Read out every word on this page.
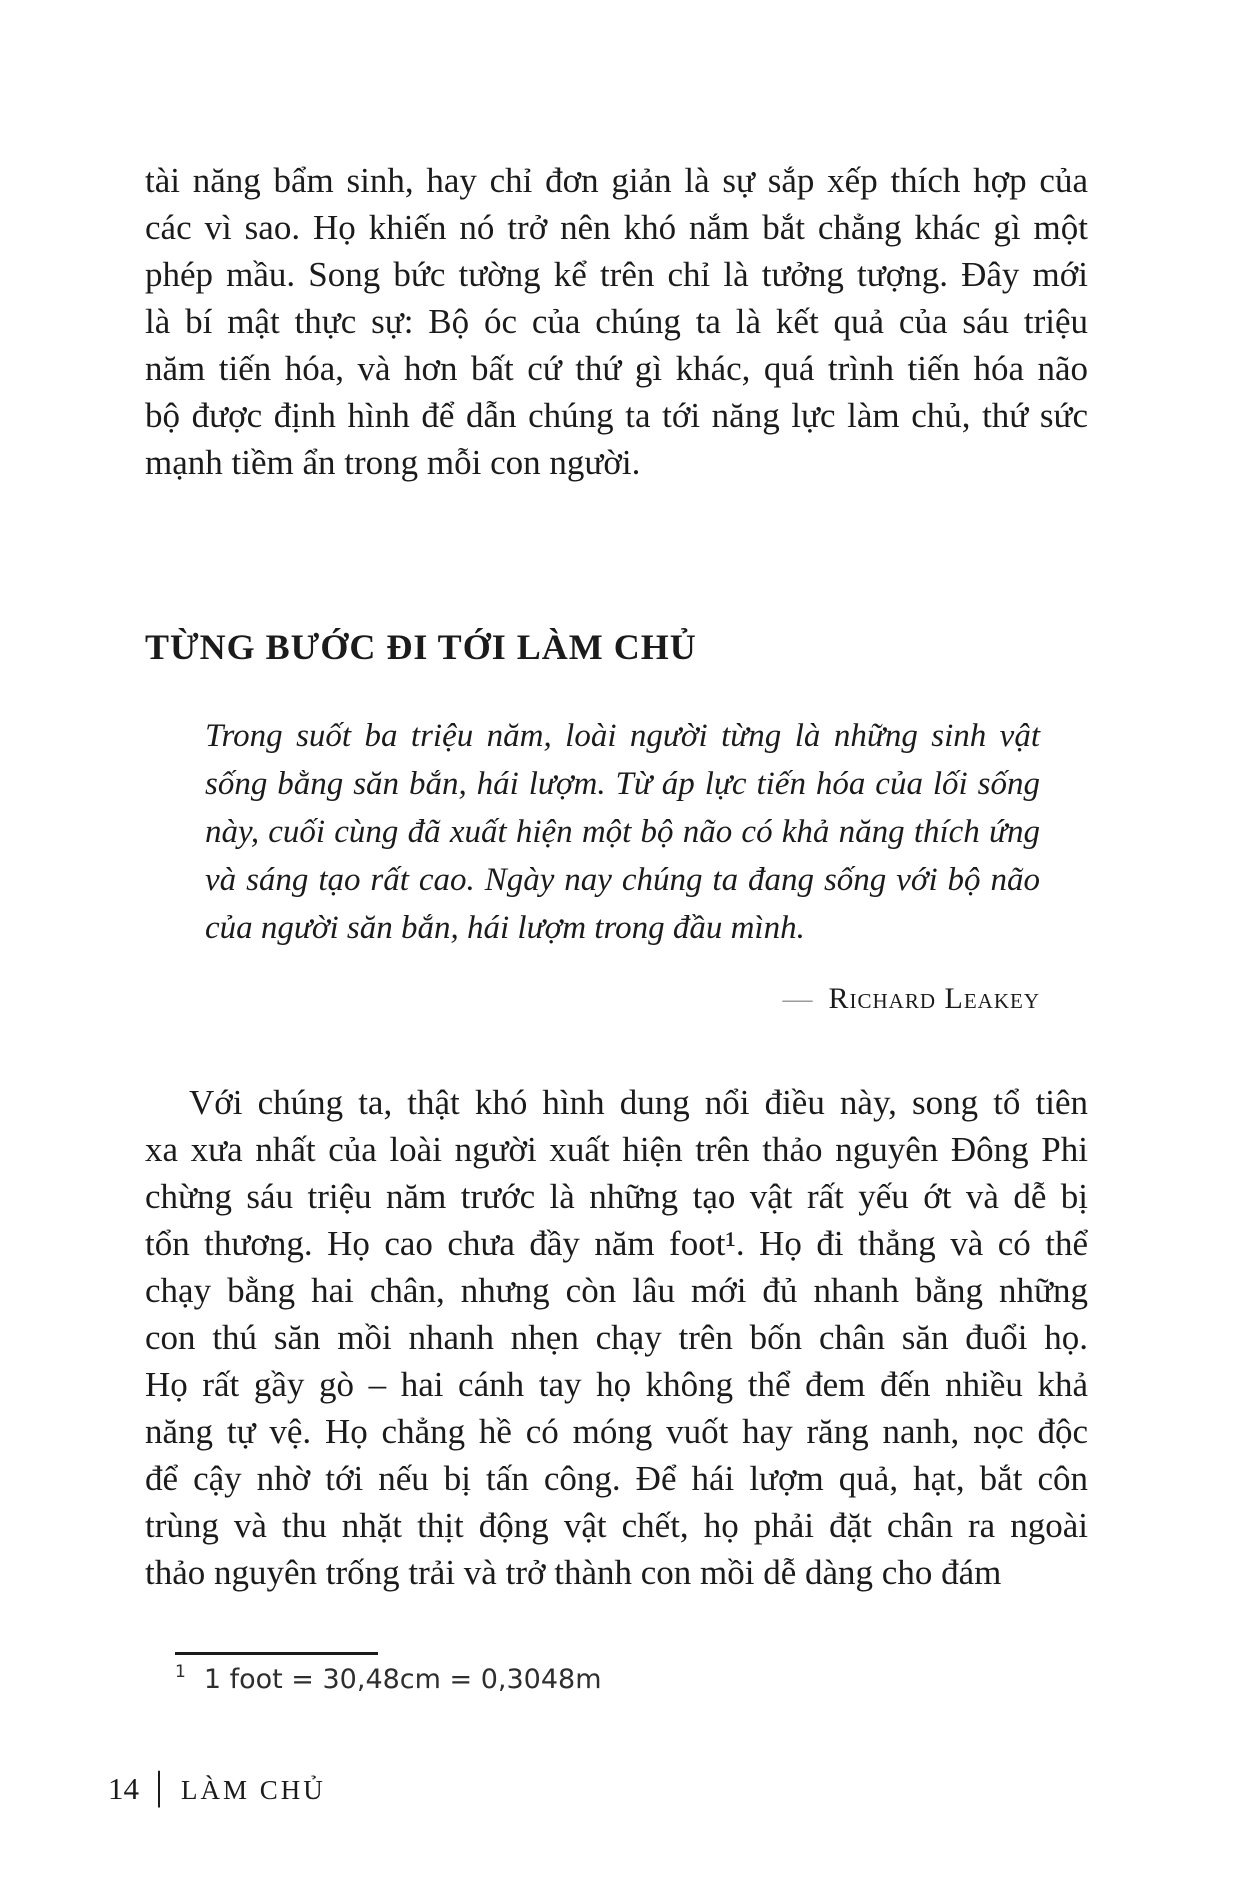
tài năng bẩm sinh, hay chỉ đơn giản là sự sắp xếp thích hợp của
các vì sao. Họ khiến nó trở nên khó nắm bắt chẳng khác gì một
phép mầu. Song bức tường kể trên chỉ là tưởng tượng. Đây mới
là bí mật thực sự: Bộ óc của chúng ta là kết quả của sáu triệu
năm tiến hóa, và hơn bất cứ thứ gì khác, quá trình tiến hóa não
bộ được định hình để dẫn chúng ta tới năng lực làm chủ, thứ sức
mạnh tiềm ẩn trong mỗi con người.
TỪNG BƯỚC ĐI TỚI LÀM CHỦ
Trong suốt ba triệu năm, loài người từng là những sinh vật
sống bằng săn bắn, hái lượm. Từ áp lực tiến hóa của lối sống
này, cuối cùng đã xuất hiện một bộ não có khả năng thích ứng
và sáng tạo rất cao. Ngày nay chúng ta đang sống với bộ não
của người săn bắn, hái lượm trong đầu mình.
— Richard Leakey
Với chúng ta, thật khó hình dung nổi điều này, song tổ tiên
xa xưa nhất của loài người xuất hiện trên thảo nguyên Đông Phi
chừng sáu triệu năm trước là những tạo vật rất yếu ớt và dễ bị
tổn thương. Họ cao chưa đầy năm foot¹. Họ đi thẳng và có thể
chạy bằng hai chân, nhưng còn lâu mới đủ nhanh bằng những
con thú săn mồi nhanh nhẹn chạy trên bốn chân săn đuổi họ.
Họ rất gầy gò – hai cánh tay họ không thể đem đến nhiều khả
năng tự vệ. Họ chẳng hề có móng vuốt hay răng nanh, nọc độc
để cậy nhờ tới nếu bị tấn công. Để hái lượm quả, hạt, bắt côn
trùng và thu nhặt thịt động vật chết, họ phải đặt chân ra ngoài
thảo nguyên trống trải và trở thành con mồi dễ dàng cho đám
$^1$ 1 foot = 30,48cm = 0,3048m
14 | LÀM CHỦ
